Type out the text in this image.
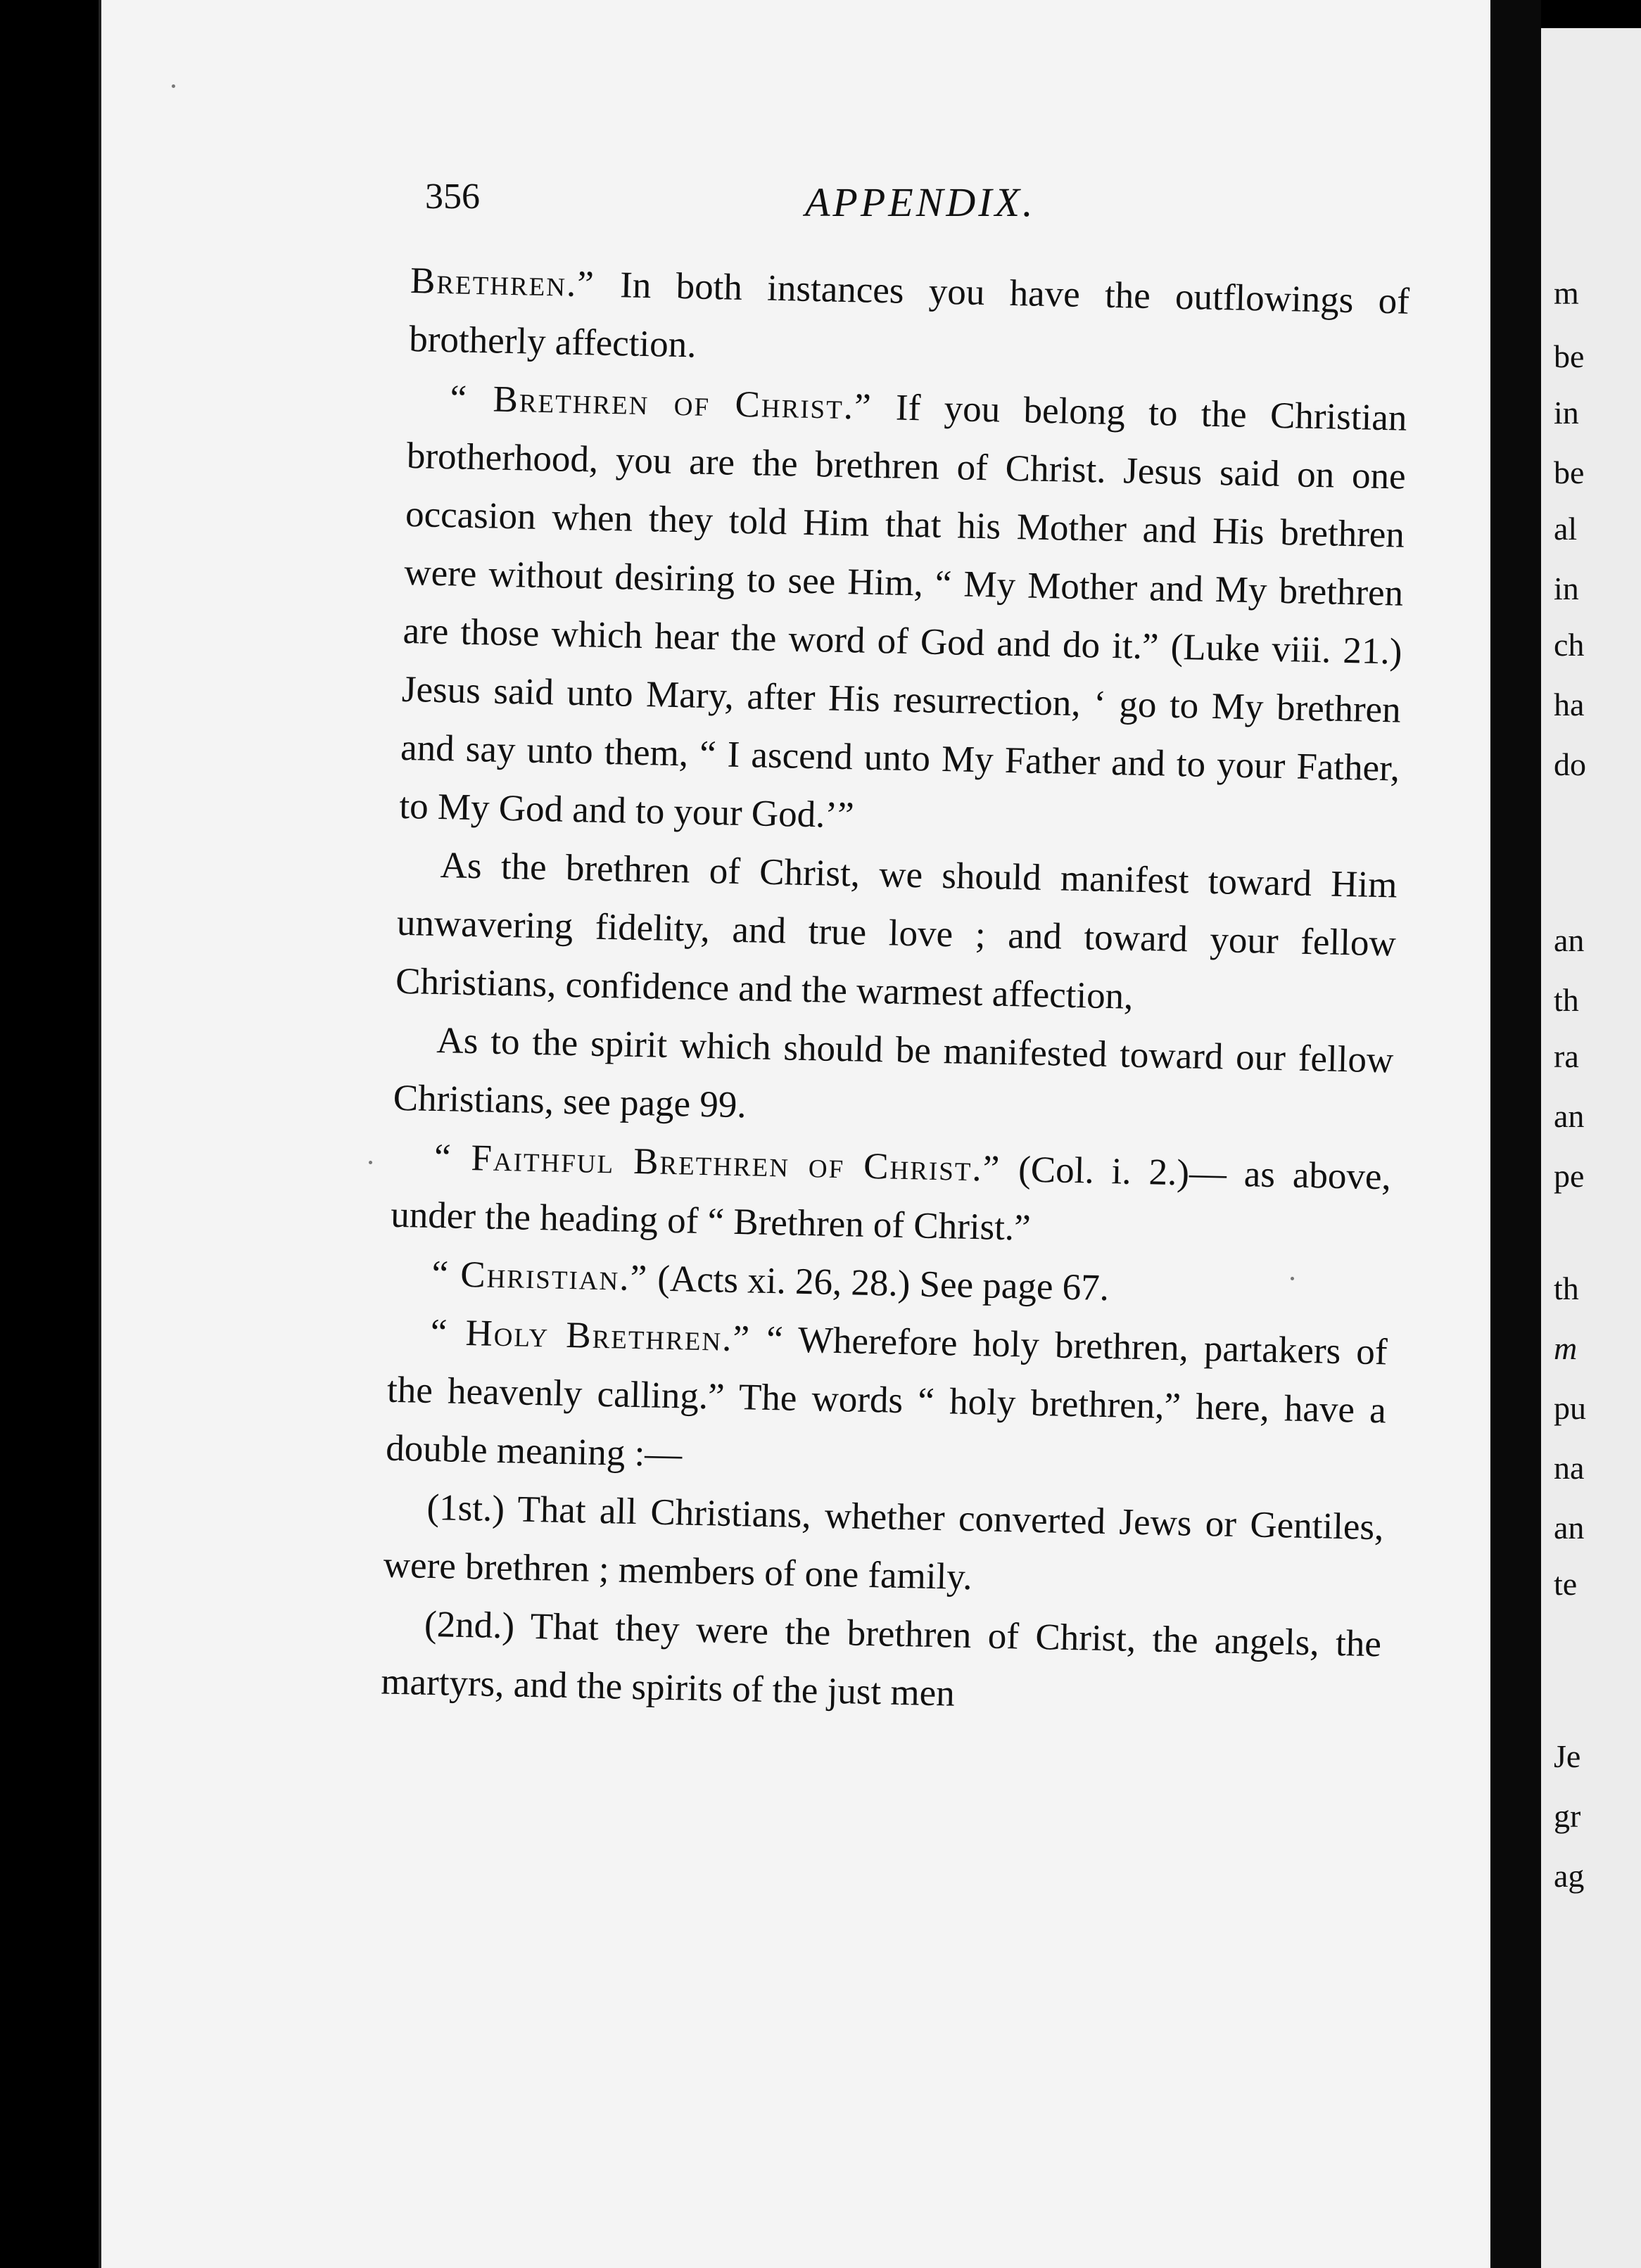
356	APPENDIX.

Brethren.” In both instances you have the outflowings of brotherly affection.

“ Brethren of Christ.” If you belong to the Christian brotherhood, you are the brethren of Christ. Jesus said on one occasion when they told Him that his Mother and His brethren were without desiring to see Him, “ My Mother and My brethren are those which hear the word of God and do it.” (Luke viii. 21.) Jesus said unto Mary, after His resurrection, ‘ go to My brethren and say unto them, “ I ascend unto My Father and to your Father, to My God and to your God.’”

As the brethren of Christ, we should manifest toward Him unwavering fidelity, and true love ; and toward your fellow Christians, confidence and the warmest affection,

As to the spirit which should be manifested toward our fellow Christians, see page 99.

“ Faithful Brethren of Christ.” (Col. i. 2.)— as above, under the heading of “ Brethren of Christ.”

“ Christian.” (Acts xi. 26, 28.) See page 67.

“ Holy Brethren.” “ Wherefore holy brethren, partakers of the heavenly calling.” The words “ holy brethren,” here, have a double meaning :—

(1st.) That all Christians, whether converted Jews or Gentiles, were brethren ; members of one family.

(2nd.) That they were the brethren of Christ, the angels, the martyrs, and the spirits of the just men

m
be
in
be
al
in
ch
ha
do
an
th
ra
an
pe
th
m
pu
na
an
te
Je
gr
ag
